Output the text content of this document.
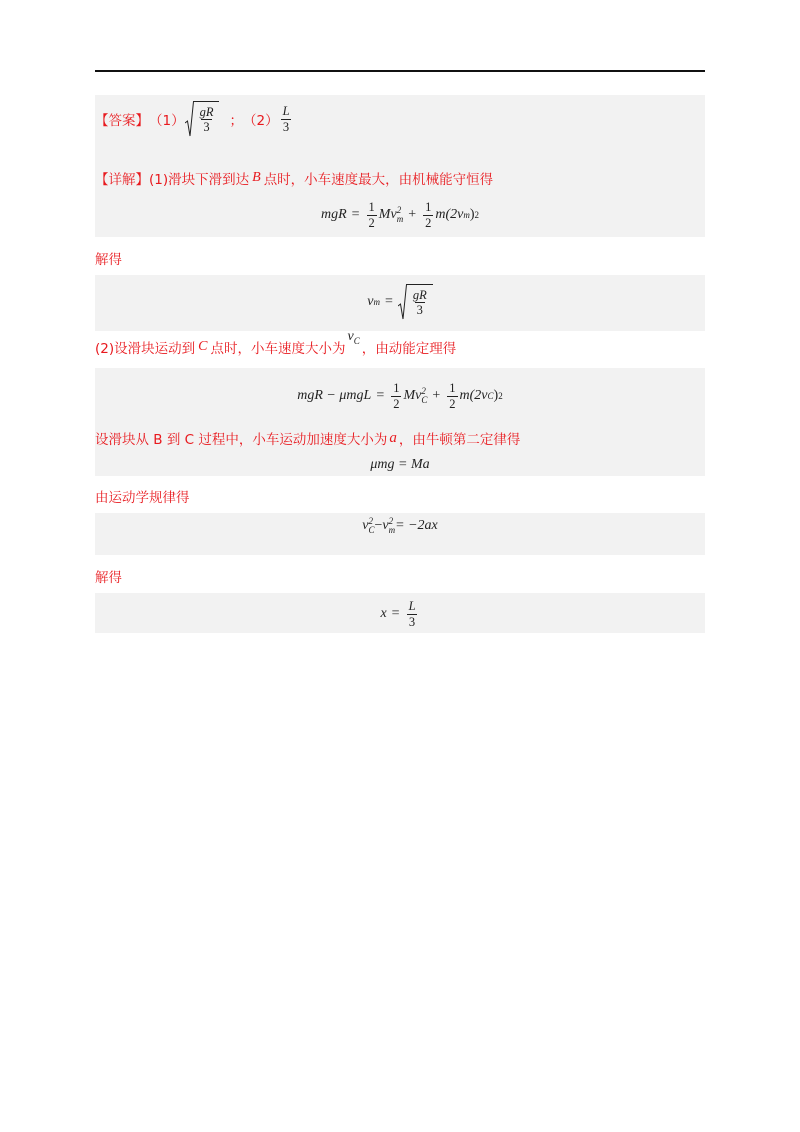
【答案】 $(1) \frac{gR}{3}$ ； $(2) \frac{L}{3}$
【详解】 (1)滑块下滑到达 B 点时，小车速度最大，由机械能守恒得
mgR = $\frac{1}{2}$ Mv 2
$m + \frac{1}{2} m(2v$ m ) 2
解得
v $m = \frac{gR}{3}$
(2)设滑块运动到 C 点时，小车速度大小为
$v_C$
，由动能定理得
mgR − $\mu mgL = \frac{1}{2}$ Mv 2
$C + \frac{1}{2} m(2v$ C ) 2
设滑块从 B 到 C 过程中，小车运动加速度大小为 a ，由牛顿第二定律得
μmg = Ma
由运动学规律得
v 2
C − v 2
m = −2ax
解得
$x = \frac{L}{3}$
